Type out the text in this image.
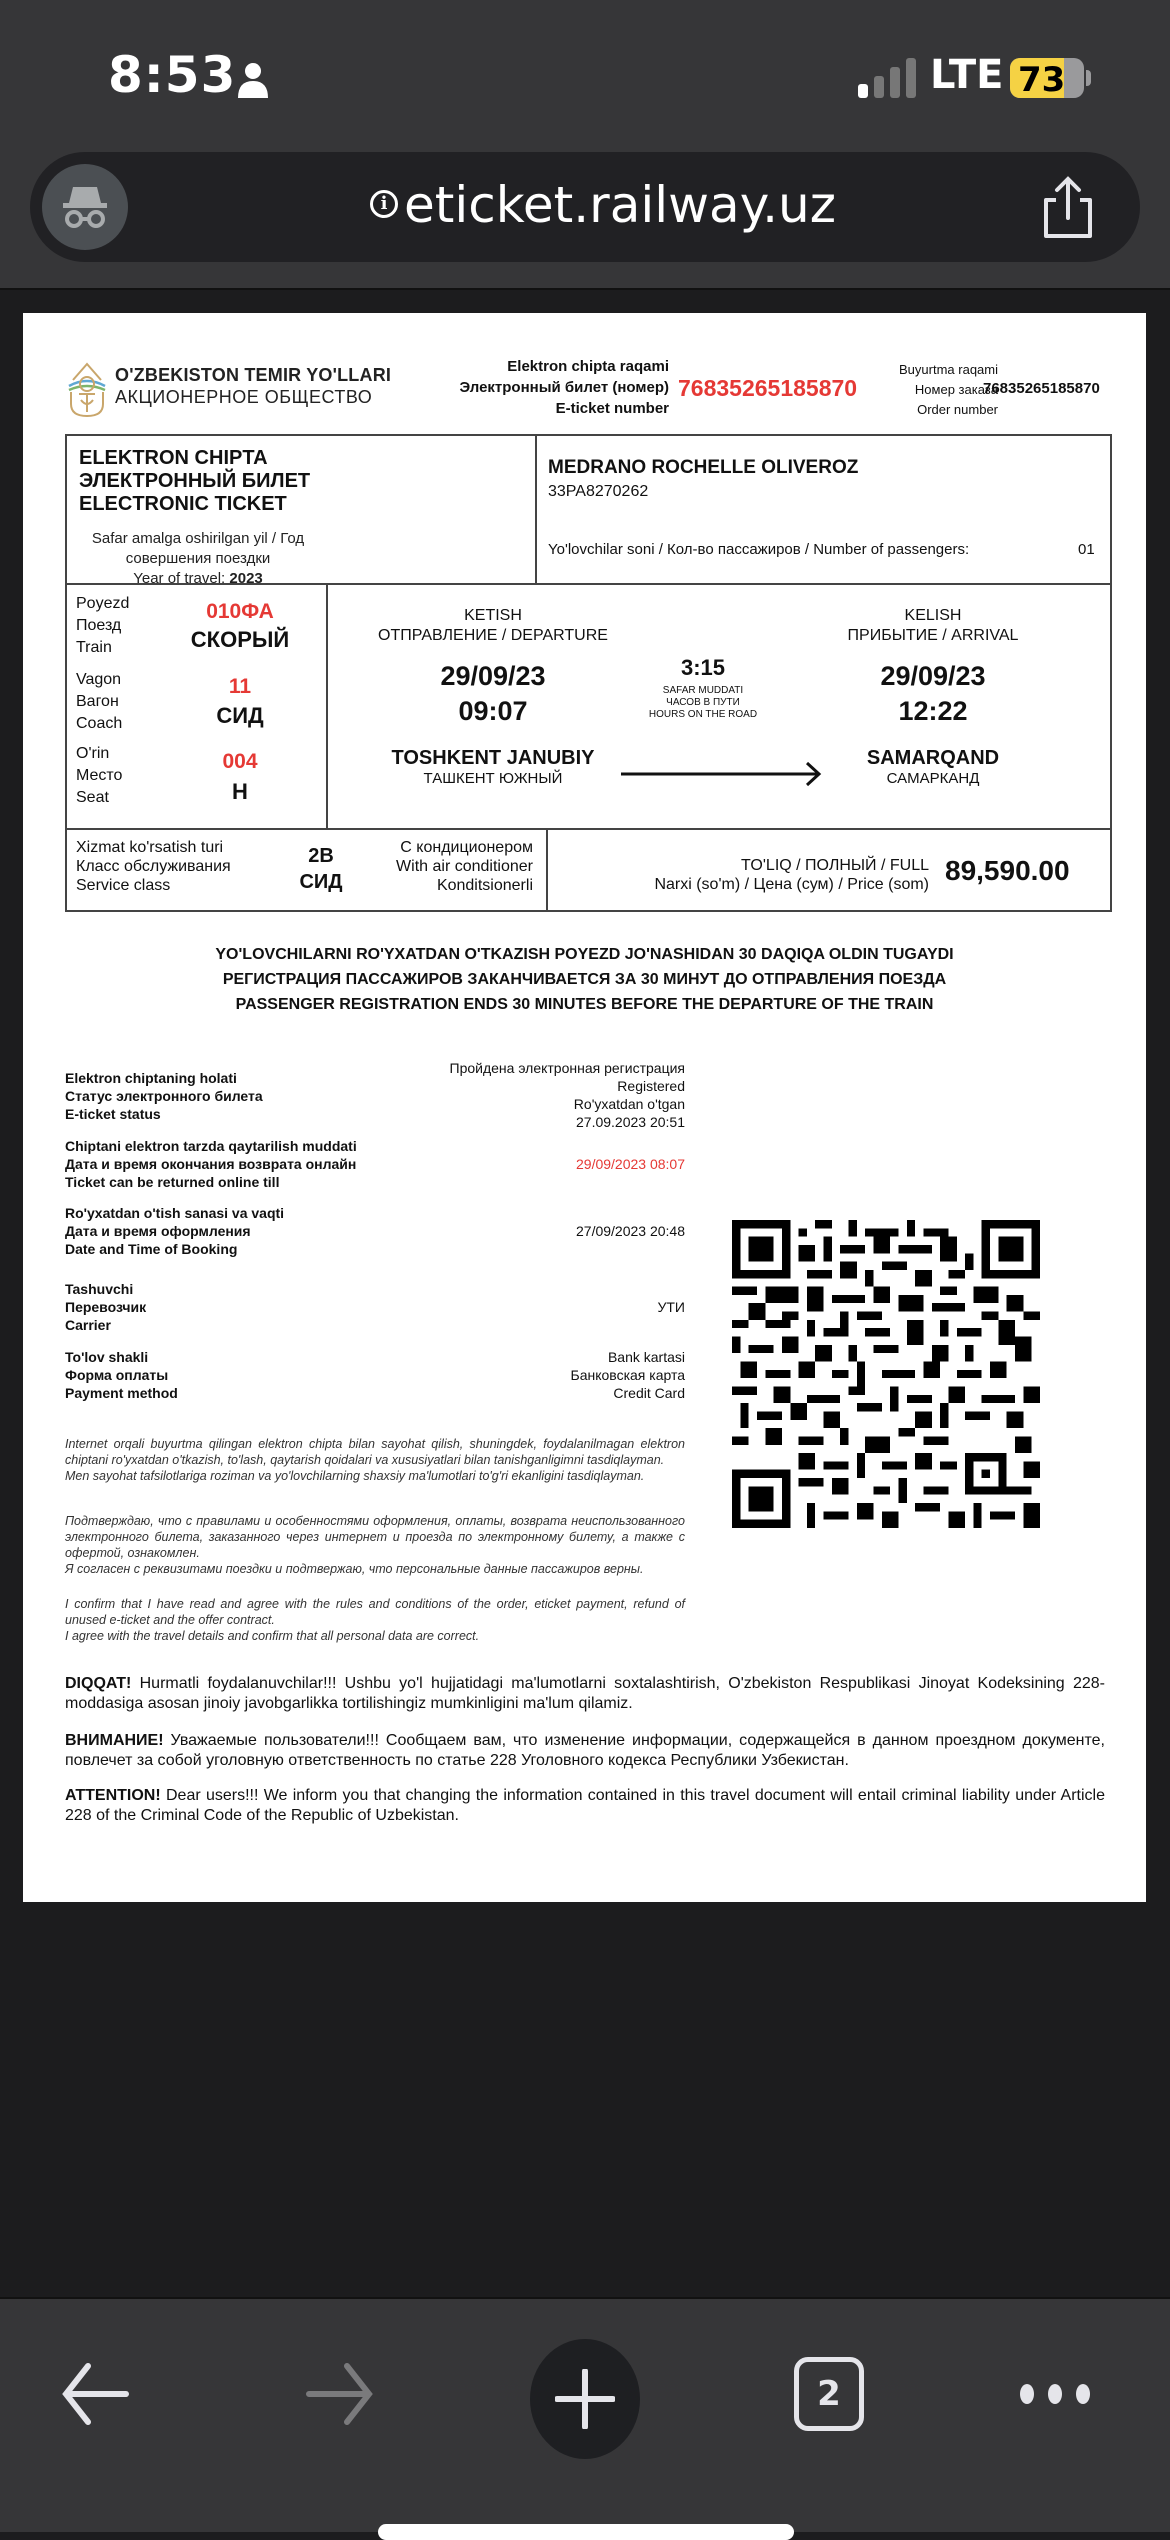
8:53	LTE 73
i eticket.railway.uz
O'ZBEKISTON TEMIR YO'LLARI
АКЦИОНЕРНОЕ ОБЩЕСТВО
Elektron chipta raqami
Электронный билет (номер)
E-ticket number
76835265185870
Buyurtma raqami
Номер заказа
Order number
76835265185870
ELEKTRON CHIPTA
ЭЛЕКТРОННЫЙ БИЛЕТ
ELECTRONIC TICKET
Safar amalga oshirilgan yil / Год совершения поездки
Year of travel: 2023
MEDRANO ROCHELLE OLIVEROZ
33PA8270262
Yo'lovchilar soni / Кол-во пассажиров / Number of passengers:	01
Poyezd
Поезд
Train
010ФА
СКОРЫЙ
Vagon
Вагон
Coach
11
СИД
O'rin
Место
Seat
004
Н
KETISH
ОТПРАВЛЕНИЕ / DEPARTURE
29/09/23
09:07
TOSHKENT JANUBIY
ТАШКЕНТ ЮЖНЫЙ
3:15
SAFAR MUDDATI
ЧАСОВ В ПУТИ
HOURS ON THE ROAD
KELISH
ПРИБЫТИЕ / ARRIVAL
29/09/23
12:22
SAMARQAND
САМАРКАНД
Xizmat ko'rsatish turi
Класс обслуживания
Service class
2В
СИД
С кондиционером
With air conditioner
Konditsionerli
TO'LIQ / ПОЛНЫЙ / FULL
Narxi (so'm) / Цена (сум) / Price (som) 89,590.00
YO'LOVCHILARNI RO'YXATDAN O'TKAZISH POYEZD JO'NASHIDAN 30 DAQIQA OLDIN TUGAYDI
РЕГИСТРАЦИЯ ПАССАЖИРОВ ЗАКАНЧИВАЕТСЯ ЗА 30 МИНУТ ДО ОТПРАВЛЕНИЯ ПОЕЗДА
PASSENGER REGISTRATION ENDS 30 MINUTES BEFORE THE DEPARTURE OF THE TRAIN
Elektron chiptaning holati
Статус электронного билета
E-ticket status
Пройдена электронная регистрация
Registered
Ro'yxatdan o'tgan
27.09.2023 20:51
Chiptani elektron tarzda qaytarilish muddati
Дата и время окончания возврата онлайн
Ticket can be returned online till
29/09/2023 08:07
Ro'yxatdan o'tish sanasi va vaqti
Дата и время оформления
Date and Time of Booking
27/09/2023 20:48
Tashuvchi
Перевозчик
Carrier
УТИ
To'lov shakli
Форма оплаты
Payment method
Bank kartasi
Банковская карта
Credit Card
Internet orqali buyurtma qilingan elektron chipta bilan sayohat qilish, shuningdek, foydalanilmagan elektron chiptani ro'yxatdan o'tkazish, to'lash, qaytarish qoidalari va xususiyatlari bilan tanishganligimni tasdiqlayman.
Men sayohat tafsilotlariga roziman va yo'lovchilarning shaxsiy ma'lumotlari to'g'ri ekanligini tasdiqlayman.
Подтверждаю, что с правилами и особенностями оформления, оплаты, возврата неиспользованного электронного билета, заказанного через интернет и проезда по электронному билету, а также с офертой, ознакомлен.
Я согласен с реквизитами поездки и подтвержаю, что персональные данные пассажиров верны.
I confirm that I have read and agree with the rules and conditions of the order, eticket payment, refund of unused e-ticket and the offer contract.
I agree with the travel details and confirm that all personal data are correct.
DIQQAT! Hurmatli foydalanuvchilar!!! Ushbu yo'l hujjatidagi ma'lumotlarni soxtalashtirish, O'zbekiston Respublikasi Jinoyat Kodeksining 228-moddasiga asosan jinoiy javobgarlikka tortilishingiz mumkinligini ma'lum qilamiz.
ВНИМАНИЕ! Уважаемые пользователи!!! Сообщаем вам, что изменение информации, содержащейся в данном проездном документе, повлечет за собой уголовную ответственность по статье 228 Уголовного кодекса Республики Узбекистан.
ATTENTION! Dear users!!! We inform you that changing the information contained in this travel document will entail criminal liability under Article 228 of the Criminal Code of the Republic of Uzbekistan.
2
